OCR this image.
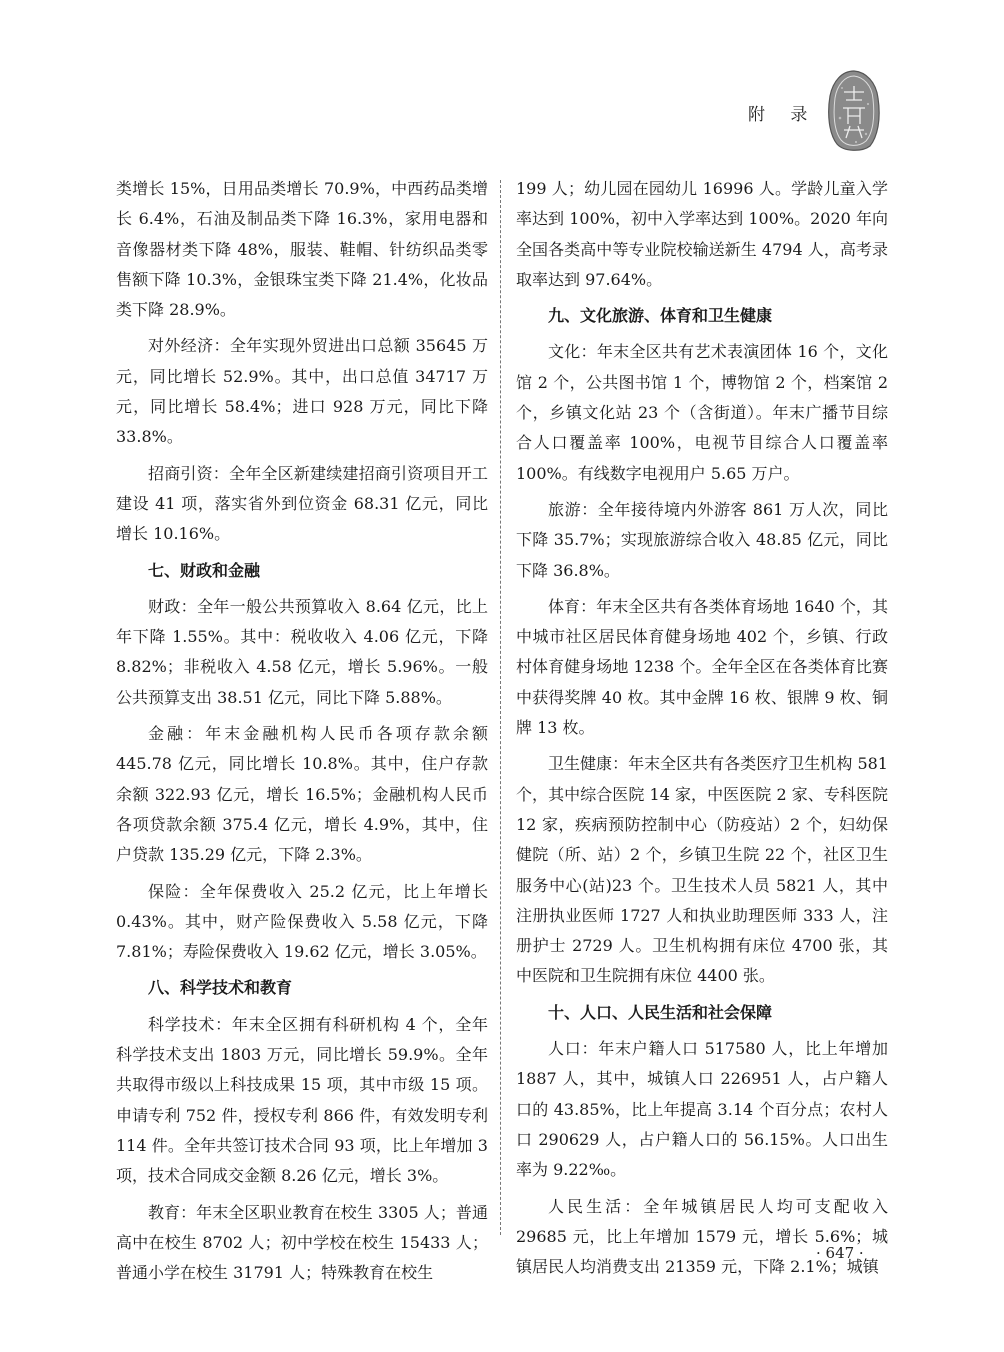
附 录

类增长 15%，日用品类增长 70.9%，中西药品类增长 6.4%，石油及制品类下降 16.3%，家用电器和音像器材类下降 48%，服装、鞋帽、针纺织品类零售额下降 10.3%，金银珠宝类下降 21.4%，化妆品类下降 28.9%。

对外经济：全年实现外贸进出口总额 35645 万元，同比增长 52.9%。其中，出口总值 34717 万元，同比增长 58.4%；进口 928 万元，同比下降 33.8%。

招商引资：全年全区新建续建招商引资项目开工建设 41 项，落实省外到位资金 68.31 亿元，同比增长 10.16%。

七、财政和金融

财政：全年一般公共预算收入 8.64 亿元，比上年下降 1.55%。其中：税收收入 4.06 亿元，下降 8.82%；非税收入 4.58 亿元，增长 5.96%。一般公共预算支出 38.51 亿元，同比下降 5.88%。

金融：年末金融机构人民币各项存款余额 445.78 亿元，同比增长 10.8%。其中，住户存款余额 322.93 亿元，增长 16.5%；金融机构人民币各项贷款余额 375.4 亿元，增长 4.9%，其中，住户贷款 135.29 亿元，下降 2.3%。

保险：全年保费收入 25.2 亿元，比上年增长 0.43%。其中，财产险保费收入 5.58 亿元，下降 7.81%；寿险保费收入 19.62 亿元，增长 3.05%。

八、科学技术和教育

科学技术：年末全区拥有科研机构 4 个，全年科学技术支出 1803 万元，同比增长 59.9%。全年共取得市级以上科技成果 15 项，其中市级 15 项。申请专利 752 件，授权专利 866 件，有效发明专利 114 件。全年共签订技术合同 93 项，比上年增加 3 项，技术合同成交金额 8.26 亿元，增长 3%。

教育：年末全区职业教育在校生 3305 人；普通高中在校生 8702 人；初中学校在校生 15433 人；普通小学在校生 31791 人；特殊教育在校生

199 人；幼儿园在园幼儿 16996 人。学龄儿童入学率达到 100%，初中入学率达到 100%。2020 年向全国各类高中等专业院校输送新生 4794 人，高考录取率达到 97.64%。

九、文化旅游、体育和卫生健康

文化：年末全区共有艺术表演团体 16 个，文化馆 2 个，公共图书馆 1 个，博物馆 2 个，档案馆 2 个，乡镇文化站 23 个（含街道）。年末广播节目综合人口覆盖率 100%，电视节目综合人口覆盖率 100%。有线数字电视用户 5.65 万户。

旅游：全年接待境内外游客 861 万人次，同比下降 35.7%；实现旅游综合收入 48.85 亿元，同比下降 36.8%。

体育：年末全区共有各类体育场地 1640 个，其中城市社区居民体育健身场地 402 个，乡镇、行政村体育健身场地 1238 个。全年全区在各类体育比赛中获得奖牌 40 枚。其中金牌 16 枚、银牌 9 枚、铜牌 13 枚。

卫生健康：年末全区共有各类医疗卫生机构 581 个，其中综合医院 14 家，中医医院 2 家、专科医院 12 家，疾病预防控制中心（防疫站）2 个，妇幼保健院（所、站）2 个，乡镇卫生院 22 个，社区卫生服务中心(站)23 个。卫生技术人员 5821 人，其中注册执业医师 1727 人和执业助理医师 333 人，注册护士 2729 人。卫生机构拥有床位 4700 张，其中医院和卫生院拥有床位 4400 张。

十、人口、人民生活和社会保障

人口：年末户籍人口 517580 人，比上年增加 1887 人，其中，城镇人口 226951 人，占户籍人口的 43.85%，比上年提高 3.14 个百分点；农村人口 290629 人，占户籍人口的 56.15%。人口出生率为 9.22‰。

人民生活：全年城镇居民人均可支配收入 29685 元，比上年增加 1579 元，增长 5.6%；城镇居民人均消费支出 21359 元，下降 2.1%；城镇

· 647 ·
